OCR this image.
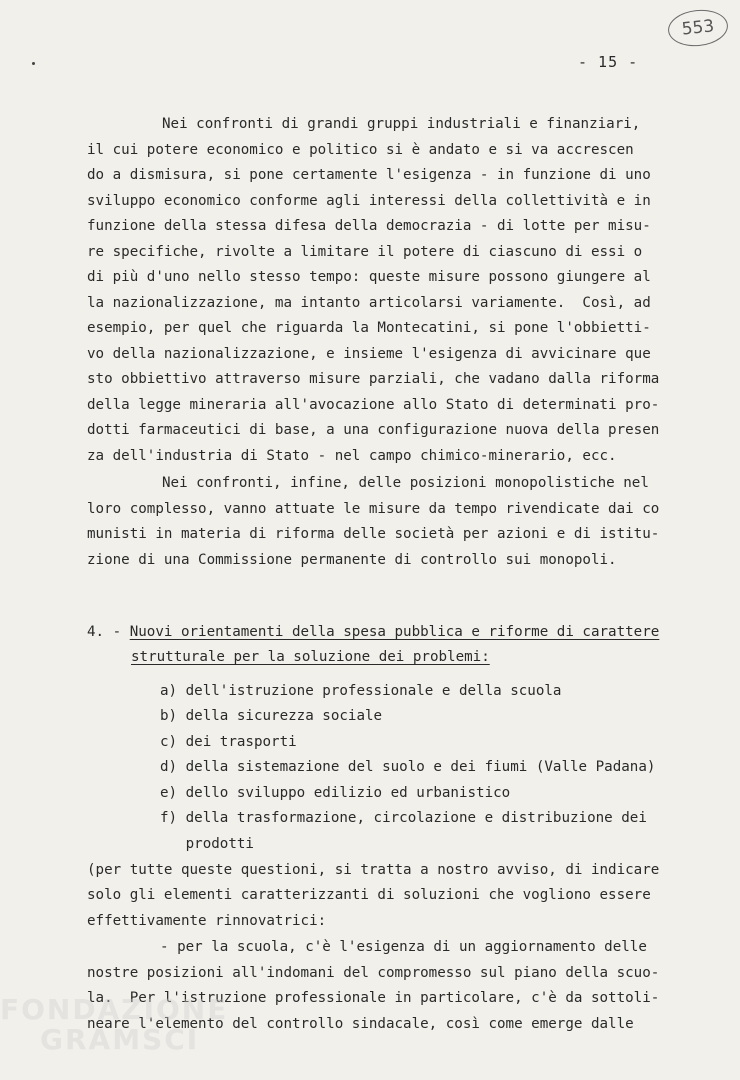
553
- 15 -
Nei confronti di grandi gruppi industriali e finanziari,
il cui potere economico e politico si è andato e si va accrescen
do a dismisura, si pone certamente l'esigenza - in funzione di uno
sviluppo economico conforme agli interessi della collettività e in
funzione della stessa difesa della democrazia - di lotte per misu-
re specifiche, rivolte a limitare il potere di ciascuno di essi o
di più d'uno nello stesso tempo: queste misure possono giungere al
la nazionalizzazione, ma intanto articolarsi variamente.  Così, ad
esempio, per quel che riguarda la Montecatini, si pone l'obbietti-
vo della nazionalizzazione, e insieme l'esigenza di avvicinare que
sto obbiettivo attraverso misure parziali, che vadano dalla riforma
della legge mineraria all'avocazione allo Stato di determinati pro-
dotti farmaceutici di base, a una configurazione nuova della presen
za dell'industria di Stato - nel campo chimico-minerario, ecc.
Nei confronti, infine, delle posizioni monopolistiche nel
loro complesso, vanno attuate le misure da tempo rivendicate dai co
munisti in materia di riforma delle società per azioni e di istitu-
zione di una Commissione permanente di controllo sui monopoli.
4. - Nuovi orientamenti della spesa pubblica e riforme di carattere
strutturale per la soluzione dei problemi:
a) dell'istruzione professionale e della scuola
b) della sicurezza sociale
c) dei trasporti
d) della sistemazione del suolo e dei fiumi (Valle Padana)
e) dello sviluppo edilizio ed urbanistico
f) della trasformazione, circolazione e distribuzione dei
prodotti
(per tutte queste questioni, si tratta a nostro avviso, di indicare
solo gli elementi caratterizzanti di soluzioni che vogliono essere
effettivamente rinnovatrici:
- per la scuola, c'è l'esigenza di un aggiornamento delle
nostre posizioni all'indomani del compromesso sul piano della scuo-
la.  Per l'istruzione professionale in particolare, c'è da sottoli-
neare l'elemento del controllo sindacale, così come emerge dalle
FONDAZIONE
GRAMSCI
